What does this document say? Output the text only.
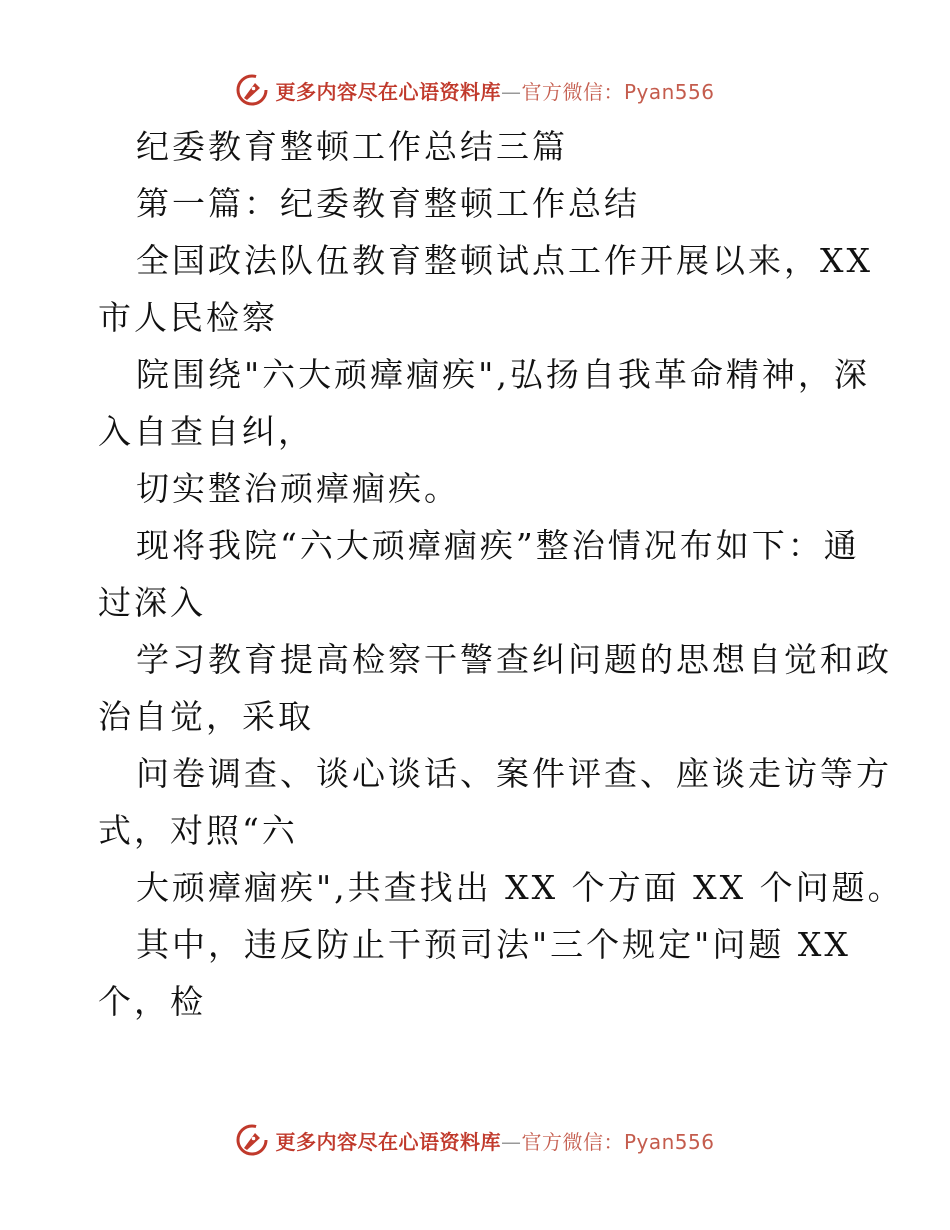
更多内容尽在心语资料库—官方微信：Pyan556

纪委教育整顿工作总结三篇

第一篇：纪委教育整顿工作总结

全国政法队伍教育整顿试点工作开展以来，XX
市人民检察

院围绕"六大顽瘴痼疾",弘扬自我革命精神，深
入自查自纠，

切实整治顽瘴痼疾。

现将我院“六大顽瘴痼疾”整治情况布如下：通
过深入

学习教育提高检察干警查纠问题的思想自觉和政
治自觉，采取

问卷调查、谈心谈话、案件评查、座谈走访等方
式，对照“六

大顽瘴痼疾",共查找出 XX 个方面 XX 个问题。

其中，违反防止干预司法"三个规定"问题 XX
个，检

更多内容尽在心语资料库—官方微信：Pyan556
